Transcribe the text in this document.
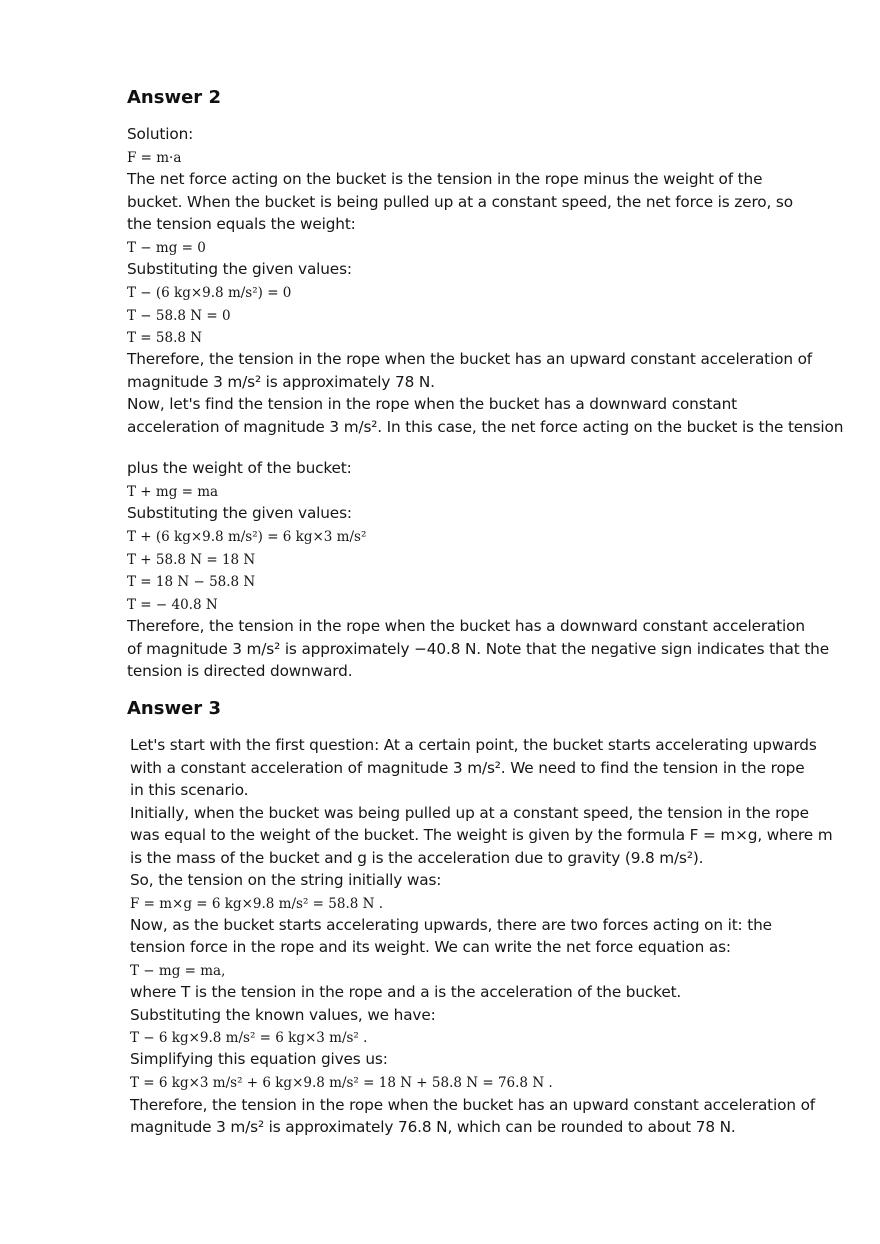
Answer 2
Solution:
F = m·a
The net force acting on the bucket is the tension in the rope minus the weight of the
bucket. When the bucket is being pulled up at a constant speed, the net force is zero, so
the tension equals the weight:
T − mg = 0
Substituting the given values:
T − (6 kg×9.8 m/s²) = 0
T − 58.8 N = 0
T = 58.8 N
Therefore, the tension in the rope when the bucket has an upward constant acceleration of
magnitude 3 m/s² is approximately 78 N.
Now, let's find the tension in the rope when the bucket has a downward constant
acceleration of magnitude 3 m/s². In this case, the net force acting on the bucket is the tension
plus the weight of the bucket:
T + mg = ma
Substituting the given values:
T + (6 kg×9.8 m/s²) = 6 kg×3 m/s²
T + 58.8 N = 18 N
T = 18 N − 58.8 N
T = − 40.8 N
Therefore, the tension in the rope when the bucket has a downward constant acceleration
of magnitude 3 m/s² is approximately −40.8 N. Note that the negative sign indicates that the
tension is directed downward.
Answer 3
Let's start with the first question: At a certain point, the bucket starts accelerating upwards
with a constant acceleration of magnitude 3 m/s². We need to find the tension in the rope
in this scenario.
Initially, when the bucket was being pulled up at a constant speed, the tension in the rope
was equal to the weight of the bucket. The weight is given by the formula F = m×g, where m
is the mass of the bucket and g is the acceleration due to gravity (9.8 m/s²).
So, the tension on the string initially was:
F = m×g = 6 kg×9.8 m/s² = 58.8 N .
Now, as the bucket starts accelerating upwards, there are two forces acting on it: the
tension force in the rope and its weight. We can write the net force equation as:
T − mg = ma,
where T is the tension in the rope and a is the acceleration of the bucket.
Substituting the known values, we have:
T − 6 kg×9.8 m/s² = 6 kg×3 m/s² .
Simplifying this equation gives us:
T = 6 kg×3 m/s² + 6 kg×9.8 m/s² = 18 N + 58.8 N = 76.8 N .
Therefore, the tension in the rope when the bucket has an upward constant acceleration of
magnitude 3 m/s² is approximately 76.8 N, which can be rounded to about 78 N.
